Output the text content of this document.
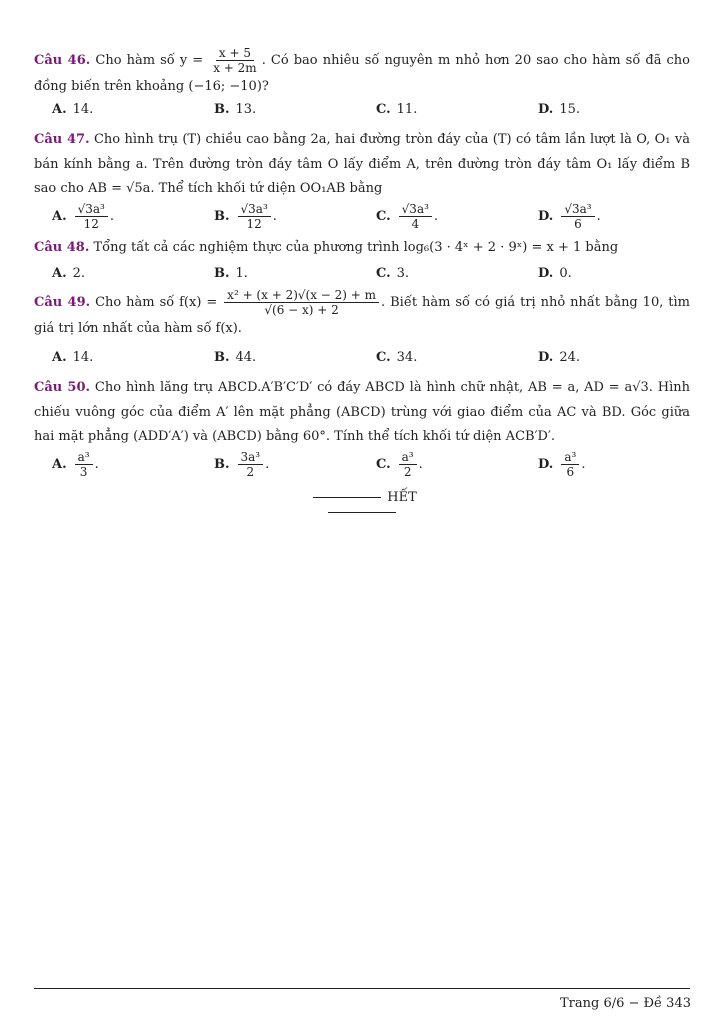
Câu 46. Cho hàm số $y = \frac{x + 5}{x + 2m}$ . Có bao nhiêu số nguyên m nhỏ hơn 20 sao cho hàm số đã cho đồng biến trên khoảng (−16; −10)?
A. 14.	B. 13.	C. 11.	D. 15.
Câu 47. Cho hình trụ (T) chiều cao bằng 2a, hai đường tròn đáy của (T) có tâm lần lượt là O, O₁ và bán kính bằng a. Trên đường tròn đáy tâm O lấy điểm A, trên đường tròn đáy tâm O₁ lấy điểm B sao cho AB = √5a. Thể tích khối tứ diện OO₁AB bằng
A. $\frac{\text{√3a³}}{12}$ .	B. $\frac{\text{√3a³}}{12}$ .	C. $\frac{\text{√3a³}}{4}$ .	D. $\frac{\text{√3a³}}{6}$ .
Câu 48. Tổng tất cả các nghiệm thực của phương trình log₆(3 · 4ˣ + 2 · 9ˣ) = x + 1 bằng
A. 2.	B. 1.	C. 3.	D. 0.
Câu 49. Cho hàm số $f(x) = \frac{\text{x² + (x + 2)√(x − 2) + m}}{√(6 - x) + 2}$ . Biết hàm số có giá trị nhỏ nhất bằng 10, tìm giá trị lớn nhất của hàm số f(x).
A. 14.	B. 44.	C. 34.	D. 24.
Câu 50. Cho hình lăng trụ ABCD.A′B′C′D′ có đáy ABCD là hình chữ nhật, AB = a, AD = a√3. Hình chiếu vuông góc của điểm A′ lên mặt phẳng (ABCD) trùng với giao điểm của AC và BD. Góc giữa hai mặt phẳng (ADD′A′) và (ABCD) bằng 60°. Tính thể tích khối tứ diện ACB′D′.
A. $\frac{\text{a³}}{3}$ .	B. $\frac{\text{3a³}}{2}$ .	C. $\frac{\text{a³}}{2}$ .	D. $\frac{\text{a³}}{6}$ .
HẾT
Trang 6/6 − Đề 343
